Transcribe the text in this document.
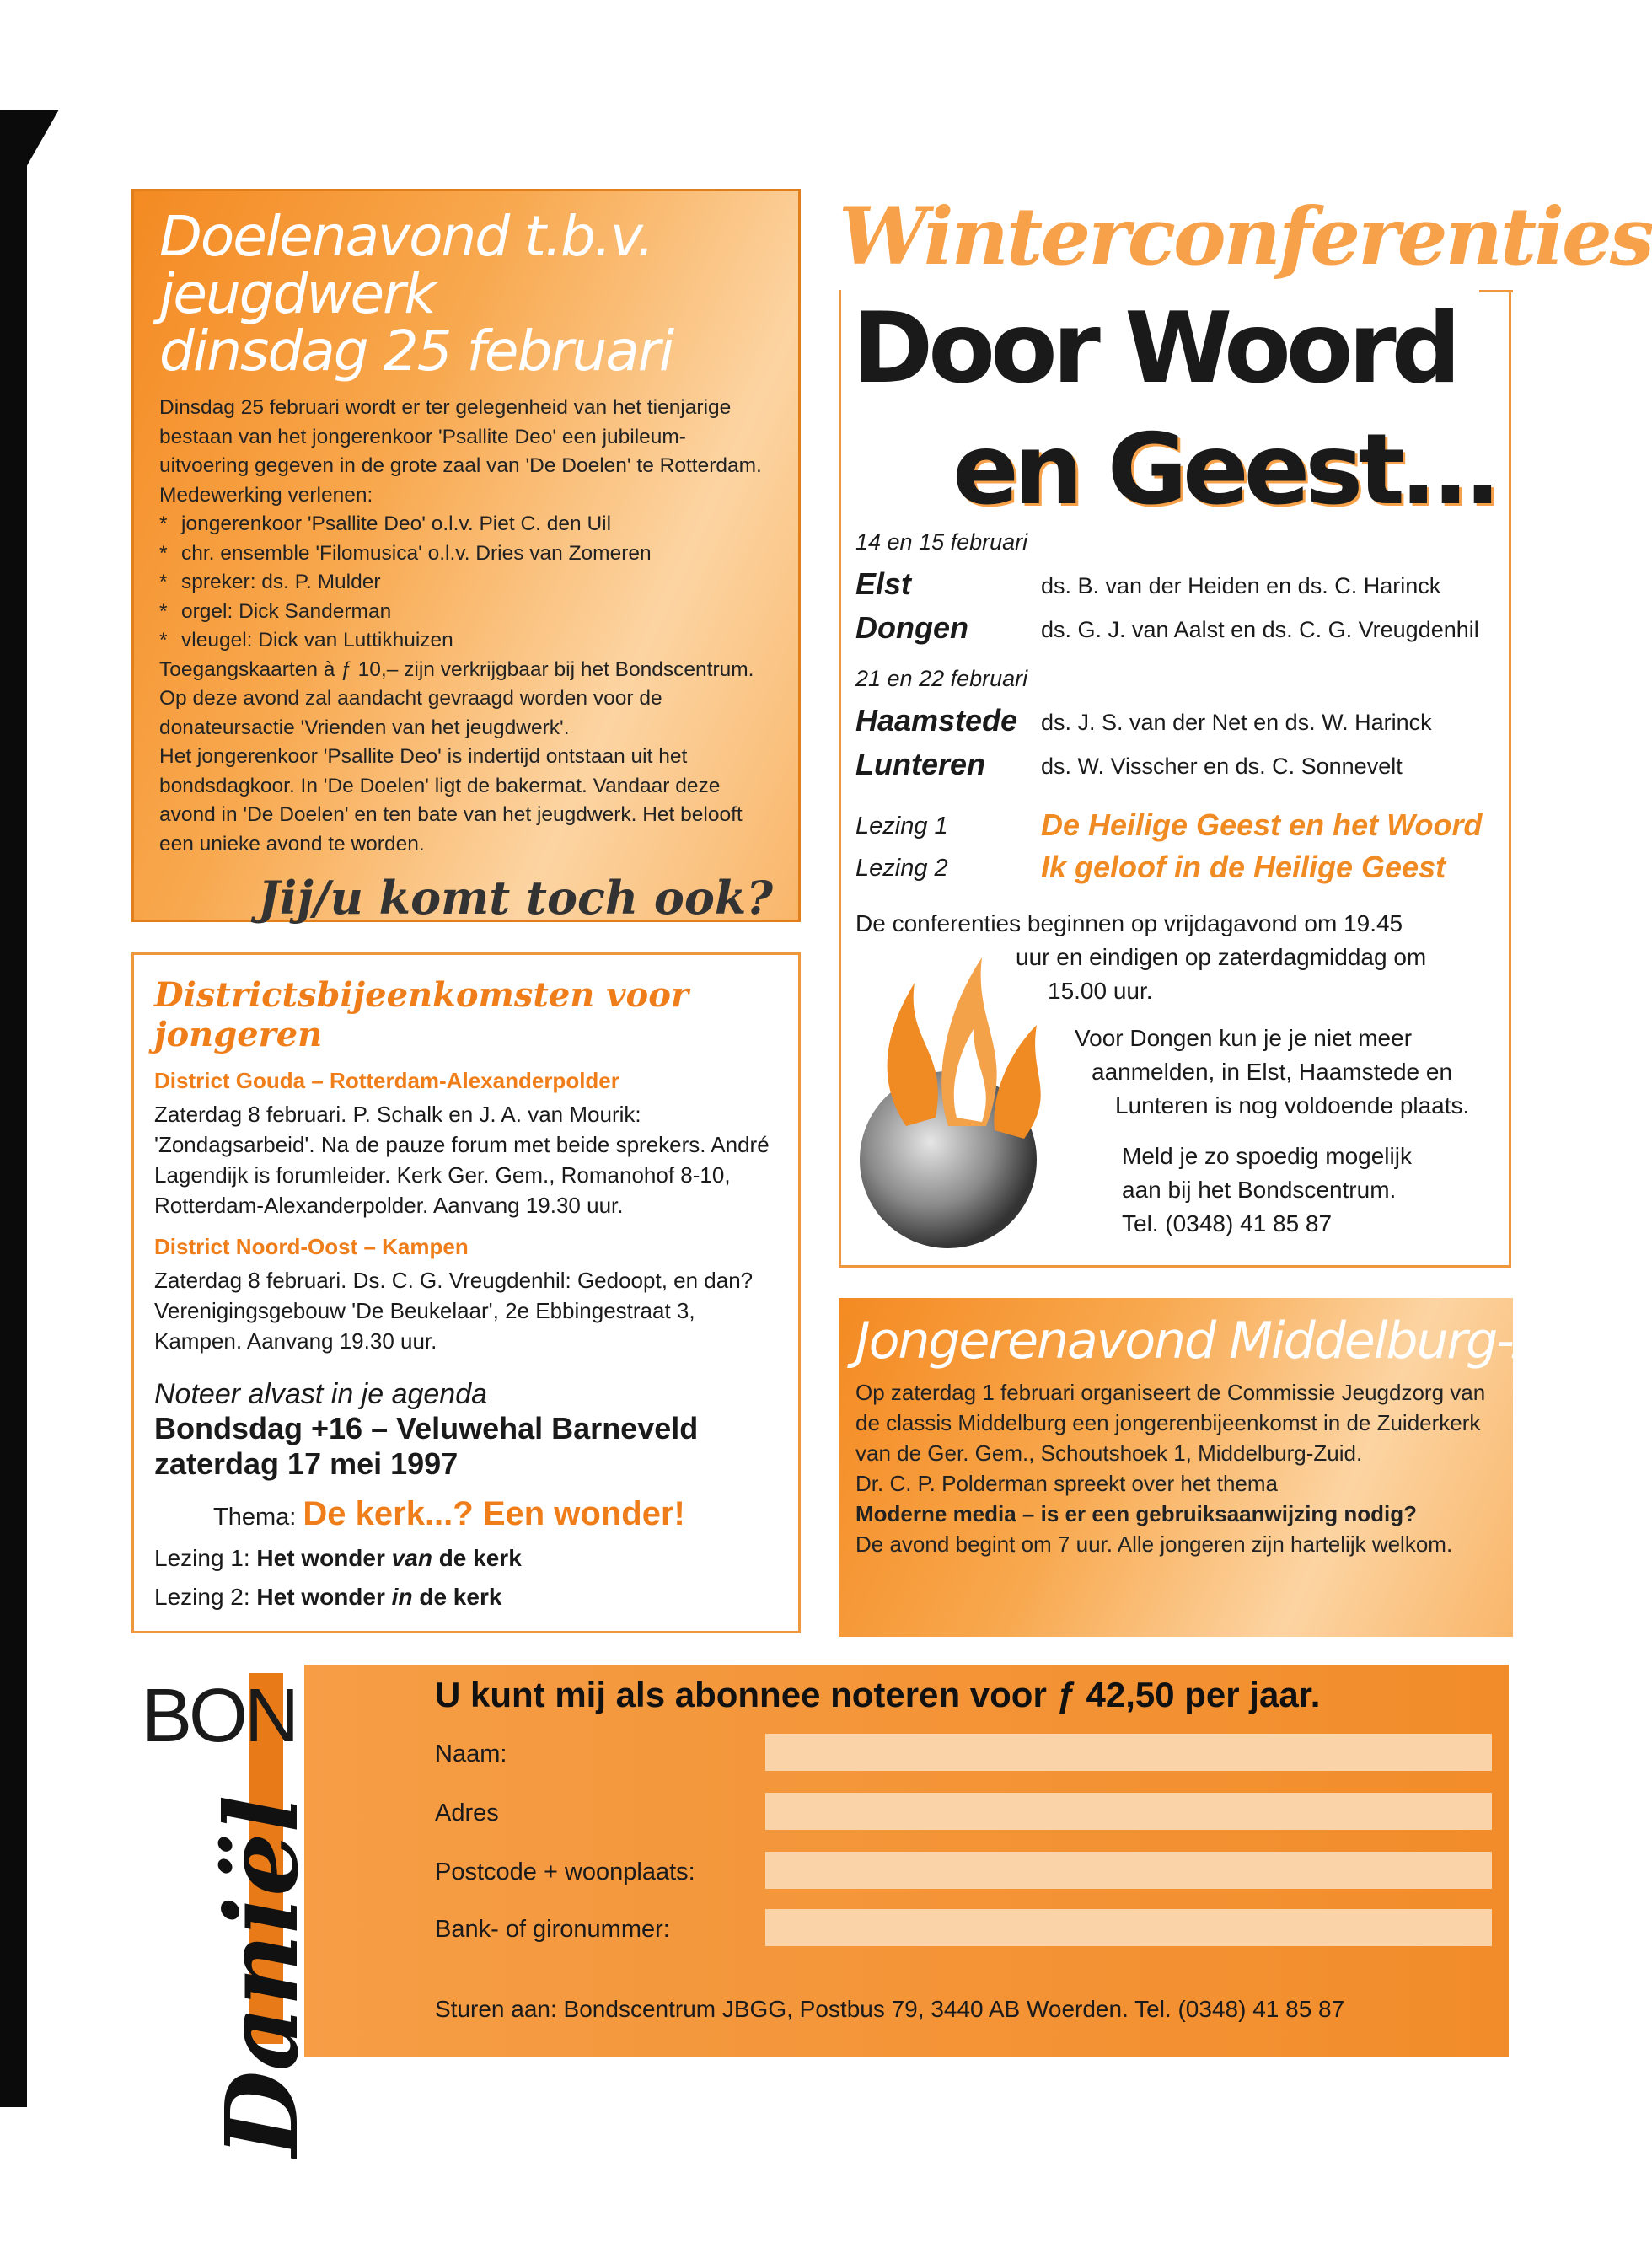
Doelenavond t.b.v. jeugdwerk
dinsdag 25 februari

Dinsdag 25 februari wordt er ter gelegenheid van het tienjarige bestaan van het jongerenkoor 'Psallite Deo' een jubileum-uitvoering gegeven in de grote zaal van 'De Doelen' te Rotterdam. Medewerking verlenen:

* jongerenkoor 'Psallite Deo' o.l.v. Piet C. den Uil
* chr. ensemble 'Filomusica' o.l.v. Dries van Zomeren
* spreker: ds. P. Mulder
* orgel: Dick Sanderman
* vleugel: Dick van Luttikhuizen

Toegangskaarten à ƒ 10,– zijn verkrijgbaar bij het Bondscentrum.

Op deze avond zal aandacht gevraagd worden voor de donateursactie 'Vrienden van het jeugdwerk'.

Het jongerenkoor 'Psallite Deo' is indertijd ontstaan uit het bondsdagkoor. In 'De Doelen' ligt de bakermat. Vandaar deze avond in 'De Doelen' en ten bate van het jeugdwerk. Het belooft een unieke avond te worden.

Jij/u komt toch ook?
Districtsbijeenkomsten voor jongeren
District Gouda – Rotterdam-Alexanderpolder
Zaterdag 8 februari. P. Schalk en J. A. van Mourik: 'Zondagsarbeid'. Na de pauze forum met beide sprekers. André Lagendijk is forumleider. Kerk Ger. Gem., Romanohof 8-10, Rotterdam-Alexanderpolder. Aanvang 19.30 uur.
District Noord-Oost – Kampen
Zaterdag 8 februari. Ds. C. G. Vreugdenhil: Gedoopt, en dan? Verenigingsgebouw 'De Beukelaar', 2e Ebbingestraat 3, Kampen. Aanvang 19.30 uur.
Noteer alvast in je agenda
Bondsdag +16 – Veluwehal Barneveld
zaterdag 17 mei 1997
Thema: De kerk...? Een wonder!
Lezing 1: Het wonder van de kerk
Lezing 2: Het wonder in de kerk
Winterconferenties
Door Woord
en Geest...
14 en 15 februari
Elst	ds. B. van der Heiden en ds. C. Harinck
Dongen	ds. G. J. van Aalst en ds. C. G. Vreugdenhil
21 en 22 februari
Haamstede ds. J. S. van der Net en ds. W. Harinck
Lunteren ds. W. Visscher en ds. C. Sonnevelt
Lezing 1	De Heilige Geest en het Woord
Lezing 2	Ik geloof in de Heilige Geest
De conferenties beginnen op vrijdagavond om 19.45
uur en eindigen op zaterdagmiddag om
15.00 uur.
Voor Dongen kun je je niet meer
aanmelden, in Elst, Haamstede en
Lunteren is nog voldoende plaats.
Meld je zo spoedig mogelijk
aan bij het Bondscentrum.
Tel. (0348) 41 85 87
Jongerenavond Middelburg-Zuid

Op zaterdag 1 februari organiseert de Commissie Jeugdzorg van de classis Middelburg een jongerenbijeenkomst in de Zuiderkerk van de Ger. Gem., Schoutshoek 1, Middelburg-Zuid.

Dr. C. P. Polderman spreekt over het thema

Moderne media – is er een gebruiksaanwijzing nodig?

De avond begint om 7 uur. Alle jongeren zijn hartelijk welkom.

BON
Daniël
U kunt mij als abonnee noteren voor ƒ 42,50 per jaar.
Naam:
Adres
Postcode + woonplaats:
Bank- of gironummer:
Sturen aan: Bondscentrum JBGG, Postbus 79, 3440 AB Woerden. Tel. (0348) 41 85 87
